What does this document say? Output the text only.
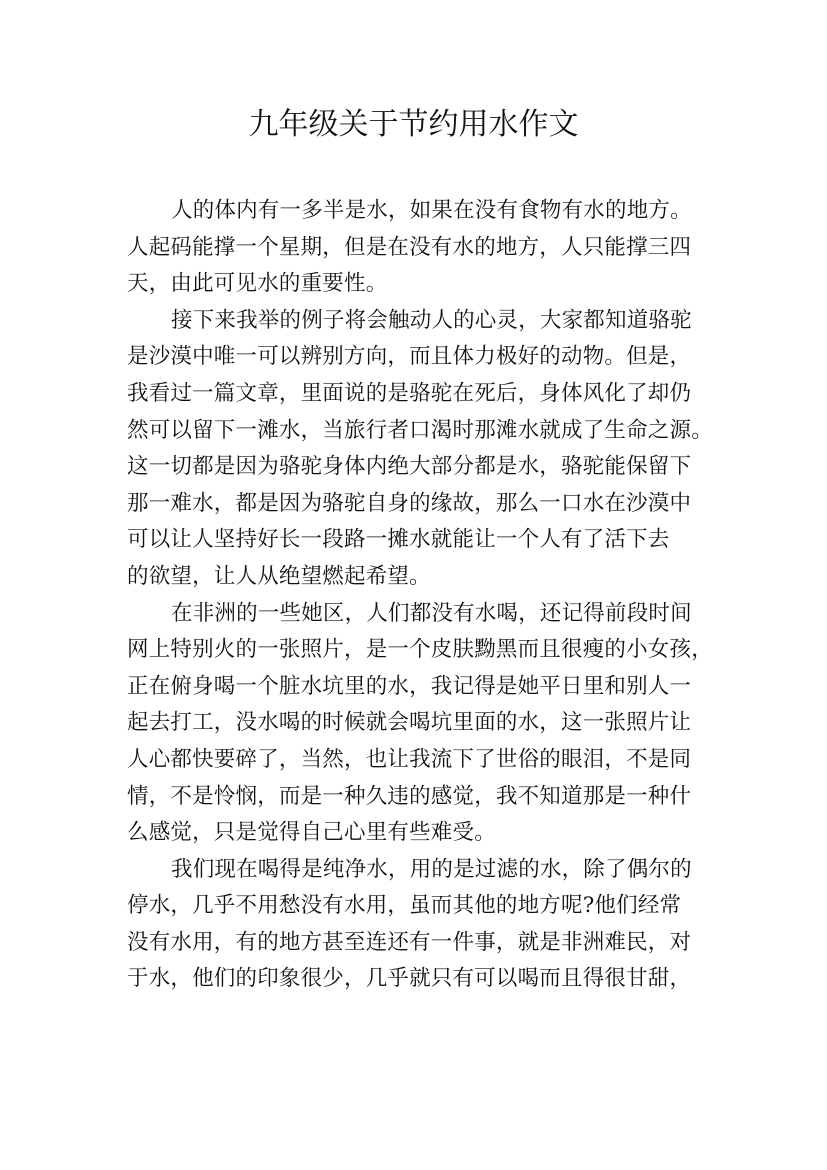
九年级关于节约用水作文
人的体内有一多半是水，如果在没有食物有水的地方。
人起码能撑一个星期，但是在没有水的地方，人只能撑三四
天，由此可见水的重要性。
接下来我举的例子将会触动人的心灵，大家都知道骆驼
是沙漠中唯一可以辨别方向，而且体力极好的动物。但是，
我看过一篇文章，里面说的是骆驼在死后，身体风化了却仍
然可以留下一滩水，当旅行者口渴时那滩水就成了生命之源。
这一切都是因为骆驼身体内绝大部分都是水，骆驼能保留下
那一难水，都是因为骆驼自身的缘故，那么一口水在沙漠中
可以让人坚持好长一段路一摊水就能让一个人有了活下去
的欲望，让人从绝望燃起希望。
在非洲的一些她区，人们都没有水喝，还记得前段时间
网上特别火的一张照片，是一个皮肤黝黑而且很瘦的小女孩，
正在俯身喝一个脏水坑里的水，我记得是她平日里和别人一
起去打工，没水喝的时候就会喝坑里面的水，这一张照片让
人心都快要碎了，当然，也让我流下了世俗的眼泪，不是同
情，不是怜悯，而是一种久违的感觉，我不知道那是一种什
么感觉，只是觉得自己心里有些难受。
我们现在喝得是纯净水，用的是过滤的水，除了偶尔的
停水，几乎不用愁没有水用，虽而其他的地方呢?他们经常
没有水用，有的地方甚至连还有一件事，就是非洲难民，对
于水，他们的印象很少，几乎就只有可以喝而且得很甘甜，
